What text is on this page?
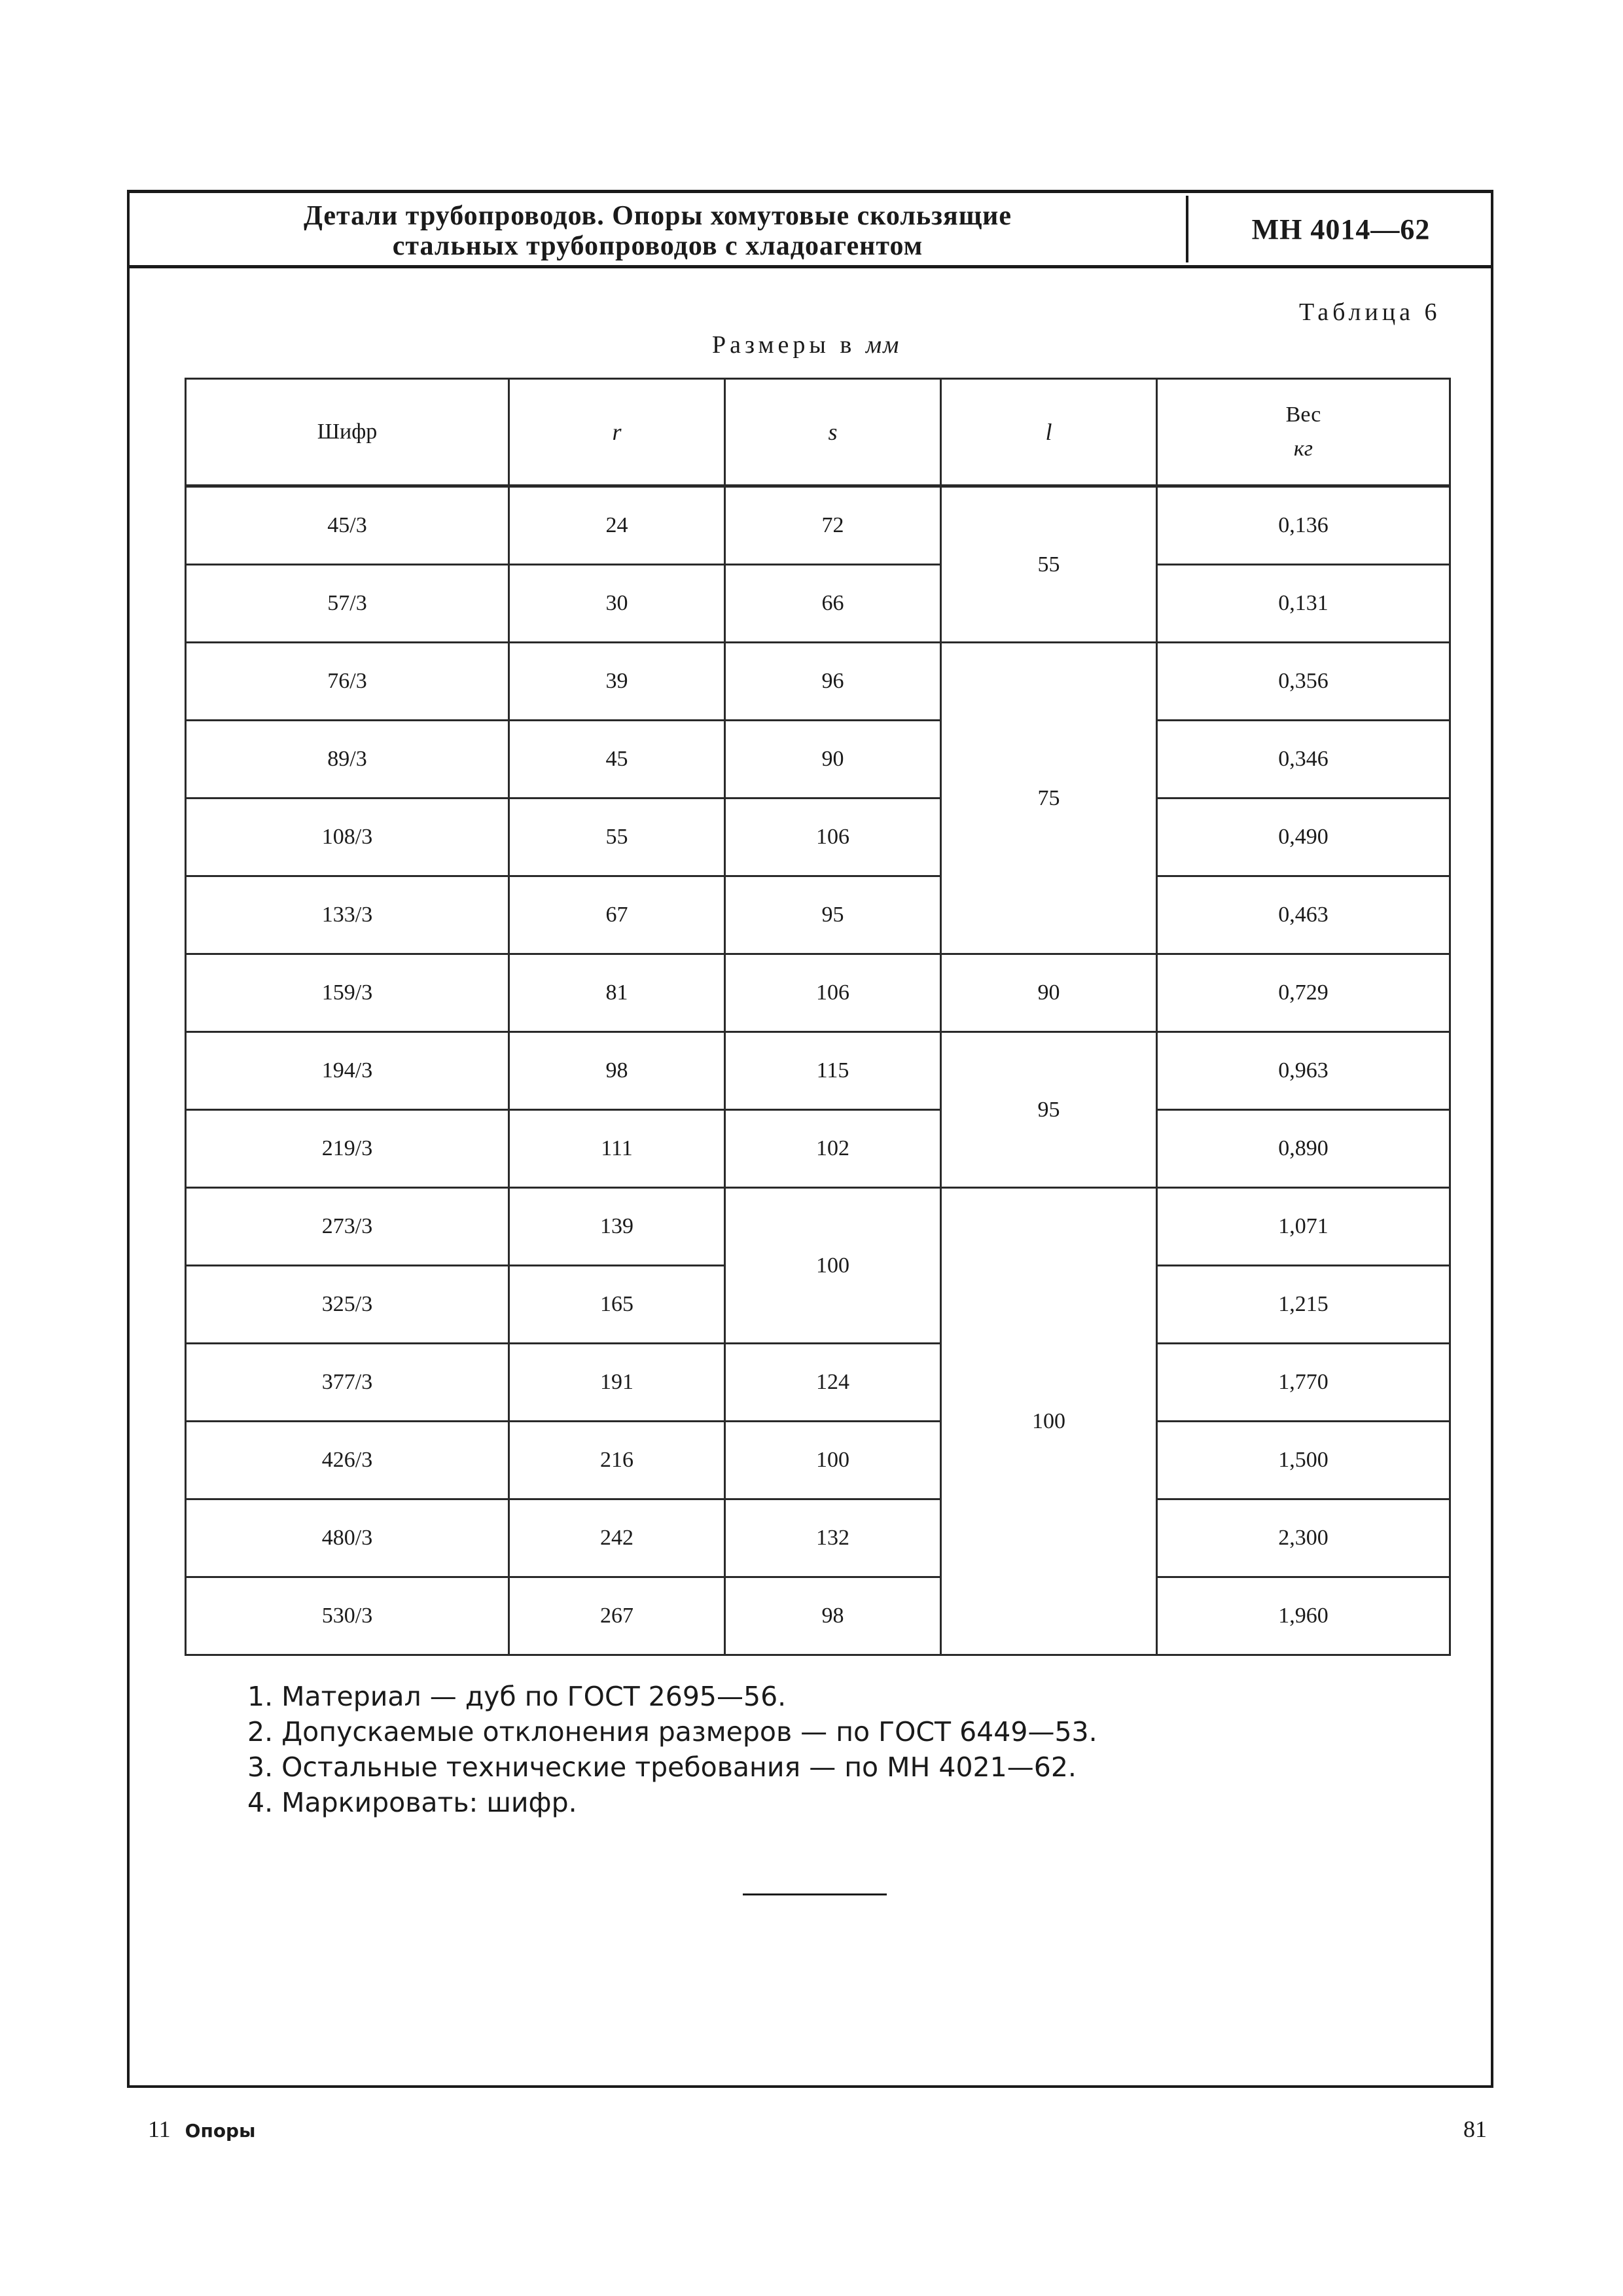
Детали трубопроводов. Опоры хомутовые скользящие
стальных трубопроводов с хладоагентом
МН 4014—62
Таблица 6
Размеры в мм
Шифр	r	s	l	Вес
кг

45/3	24	72	55	0,136
57/3	30	66		0,131
76/3	39	96	75	0,356
89/3	45	90		0,346
108/3	55	106		0,490
133/3	67	95		0,463
159/3	81	106	90	0,729
194/3	98	115	95	0,963
219/3	111	102		0,890
273/3	139	100	100	1,071
325/3	165			1,215
377/3	191	124		1,770
426/3	216	100		1,500
480/3	242	132		2,300
530/3	267	98		1,960
1. Материал — дуб по ГОСТ 2695—56.
2. Допускаемые отклонения размеров — по ГОСТ 6449—53.
3. Остальные технические требования — по МН 4021—62.
4. Маркировать: шифр.
11 Опоры	81
